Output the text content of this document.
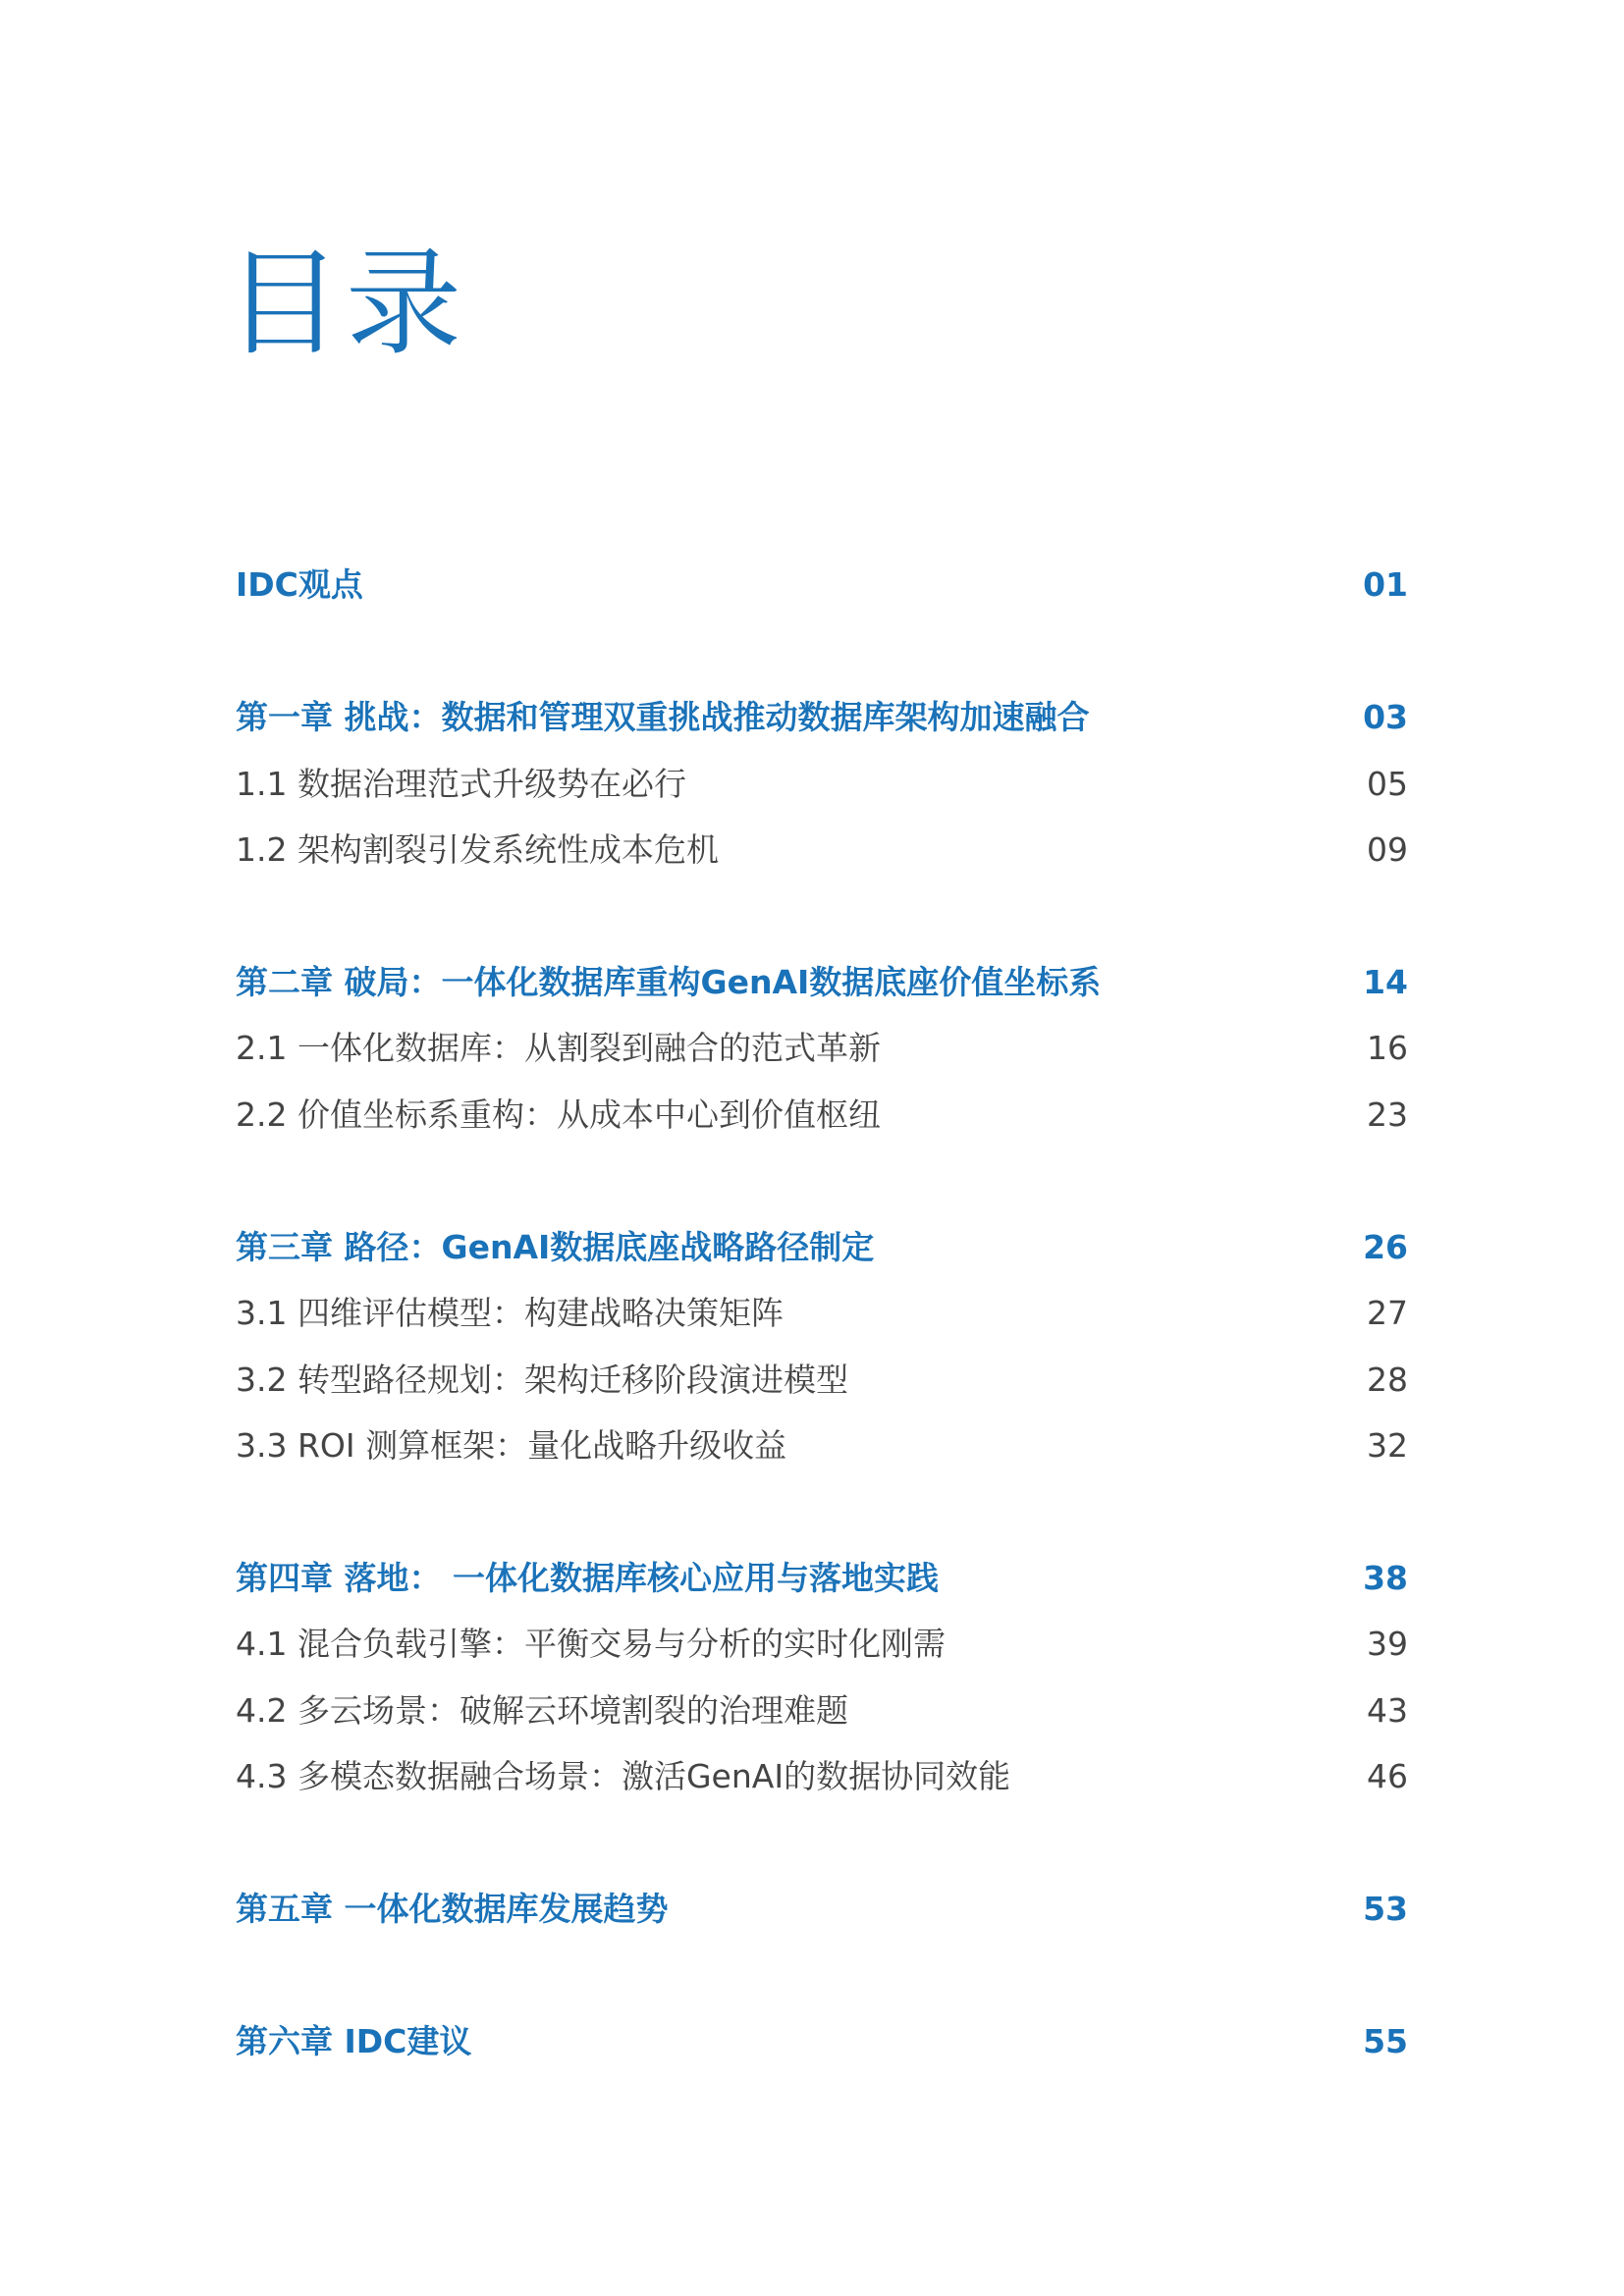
目录
IDC观点	01
第一章 挑战：数据和管理双重挑战推动数据库架构加速融合	03
1.1 数据治理范式升级势在必行	05
1.2 架构割裂引发系统性成本危机	09
第二章 破局：一体化数据库重构GenAI数据底座价值坐标系	14
2.1 一体化数据库：从割裂到融合的范式革新	16
2.2 价值坐标系重构：从成本中心到价值枢纽	23
第三章 路径：GenAI数据底座战略路径制定	26
3.1 四维评估模型：构建战略决策矩阵	27
3.2 转型路径规划：架构迁移阶段演进模型	28
3.3 ROI 测算框架：量化战略升级收益	32
第四章 落地： 一体化数据库核心应用与落地实践	38
4.1 混合负载引擎：平衡交易与分析的实时化刚需	39
4.2 多云场景：破解云环境割裂的治理难题	43
4.3 多模态数据融合场景：激活GenAI的数据协同效能	46
第五章 一体化数据库发展趋势	53
第六章 IDC建议	55
